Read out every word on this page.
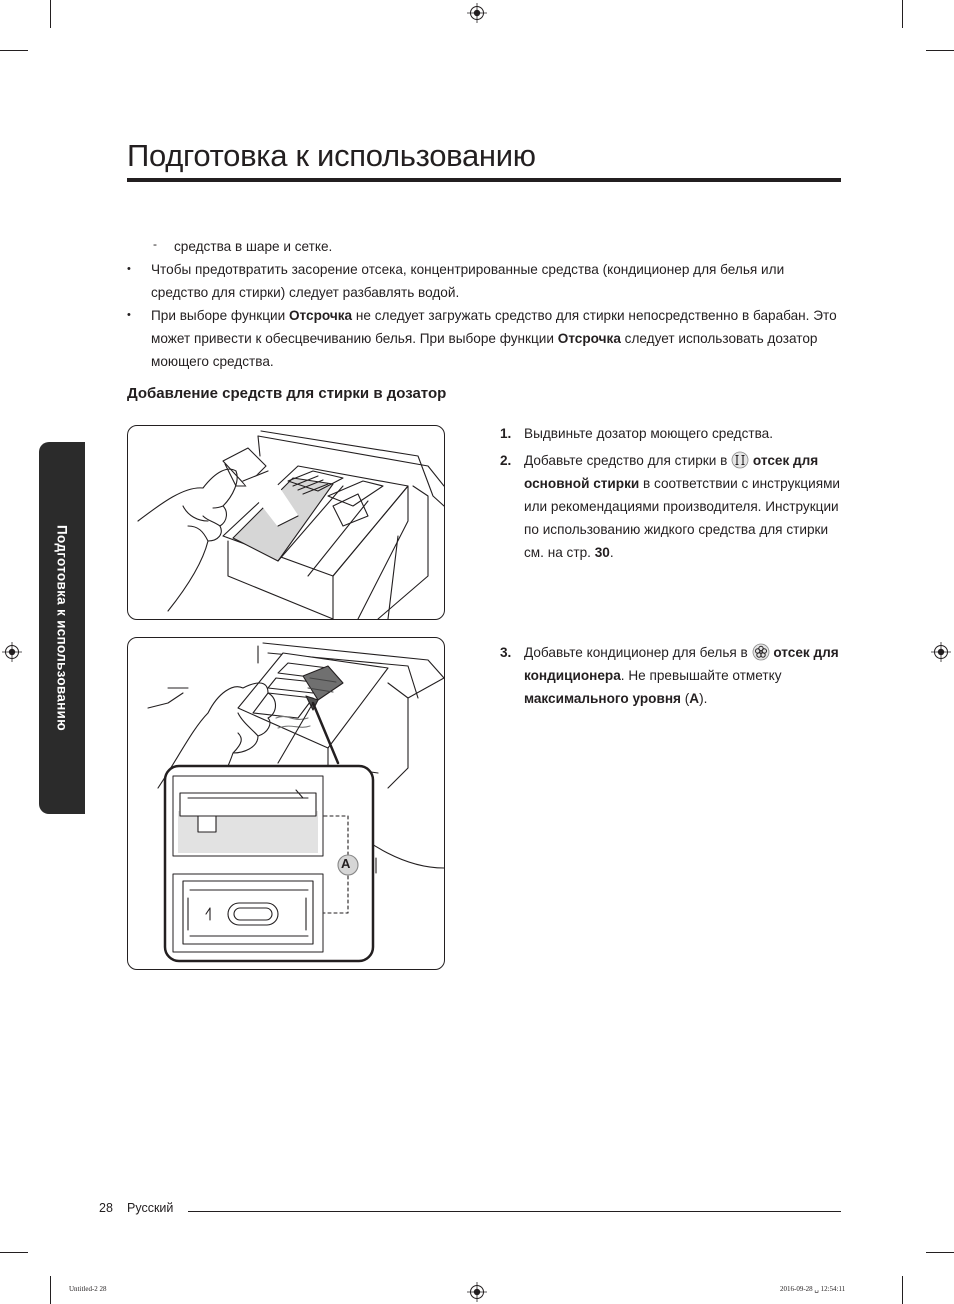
Подготовка к использованию
Подготовка к использованию
- средства в шаре и сетке.
• Чтобы предотвратить засорение отсека, концентрированные средства (кондиционер для белья или средство для стирки) следует разбавлять водой.
• При выборе функции Отсрочка не следует загружать средство для стирки непосредственно в барабан. Это может привести к обесцвечиванию белья. При выборе функции Отсрочка следует использовать дозатор моющего средства.
Добавление средств для стирки в дозатор
A
1. Выдвиньте дозатор моющего средства.
2. Добавьте средство для стирки в  отсек для основной стирки в соответствии с инструкциями или рекомендациями производителя. Инструкции по использованию жидкого средства для стирки см. на стр. 30.
3. Добавьте кондиционер для белья в  отсек для кондиционера. Не превышайте отметку максимального уровня (A).
28 Русский
Untitled-2 28	2016-09-28 ␣ 12:54:11
